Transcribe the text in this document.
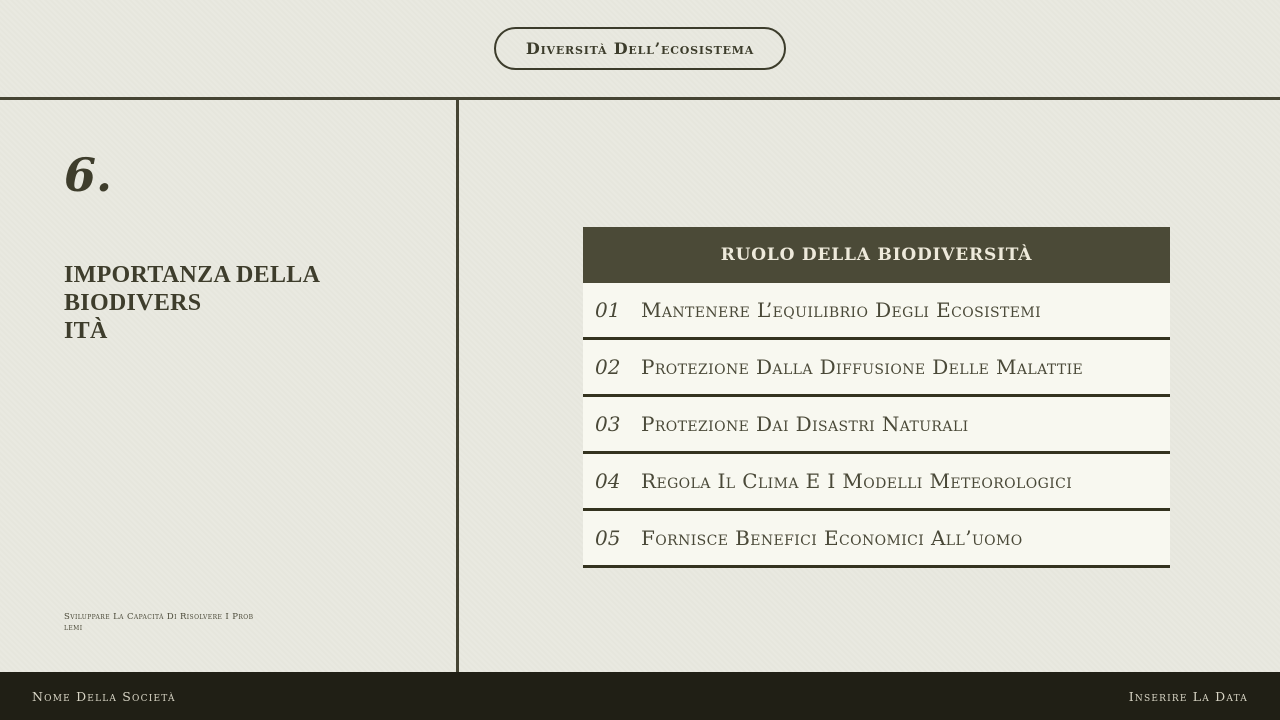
Diversità Dell’ecosistema
6.
IMPORTANZA DELLA BIODIVERS
ITÀ
Sviluppare La Capacità Di Risolvere I Prob
lemi
RUOLO DELLA BIODIVERSITÀ
01	Mantenere L’equilibrio Degli Ecosistemi
02	Protezione Dalla Diffusione Delle Malattie
03	Protezione Dai Disastri Naturali
04	Regola Il Clima E I Modelli Meteorologici
05	Fornisce Benefici Economici All’uomo
Nome Della Società	Inserire La Data
